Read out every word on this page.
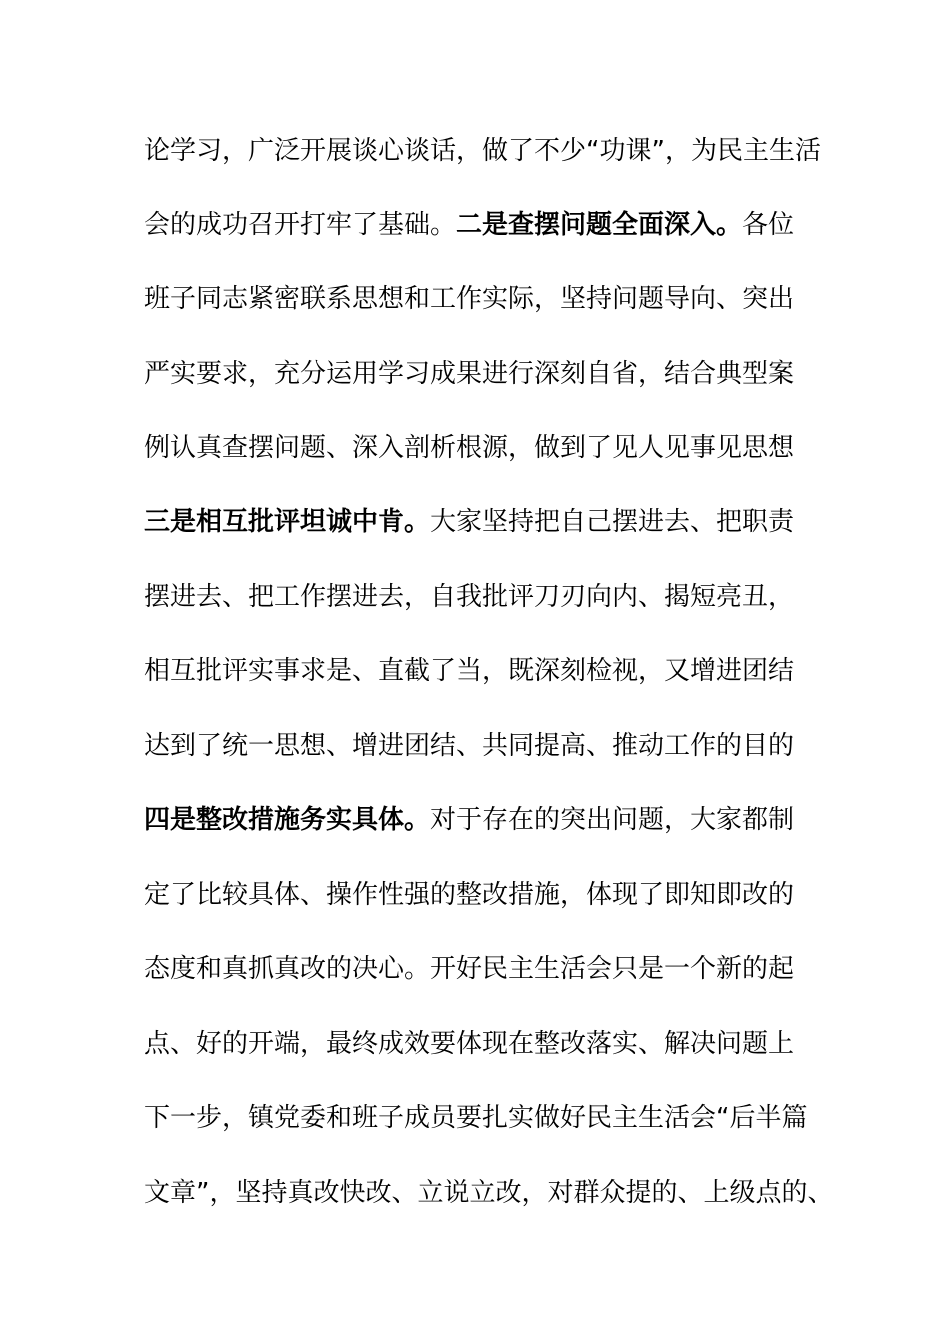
论学习，广泛开展谈心谈话，做了不少“功课”，为民主生活
会的成功召开打牢了基础。二是查摆问题全面深入。各位
班子同志紧密联系思想和工作实际，坚持问题导向、突出
严实要求，充分运用学习成果进行深刻自省，结合典型案
例认真查摆问题、深入剖析根源，做到了见人见事见思想
三是相互批评坦诚中肯。大家坚持把自己摆进去、把职责
摆进去、把工作摆进去，自我批评刀刃向内、揭短亮丑，
相互批评实事求是、直截了当，既深刻检视，又增进团结
达到了统一思想、增进团结、共同提高、推动工作的目的
四是整改措施务实具体。对于存在的突出问题，大家都制
定了比较具体、操作性强的整改措施，体现了即知即改的
态度和真抓真改的决心。开好民主生活会只是一个新的起
点、好的开端，最终成效要体现在整改落实、解决问题上
下一步，镇党委和班子成员要扎实做好民主生活会“后半篇
文章”，坚持真改快改、立说立改，对群众提的、上级点的、
